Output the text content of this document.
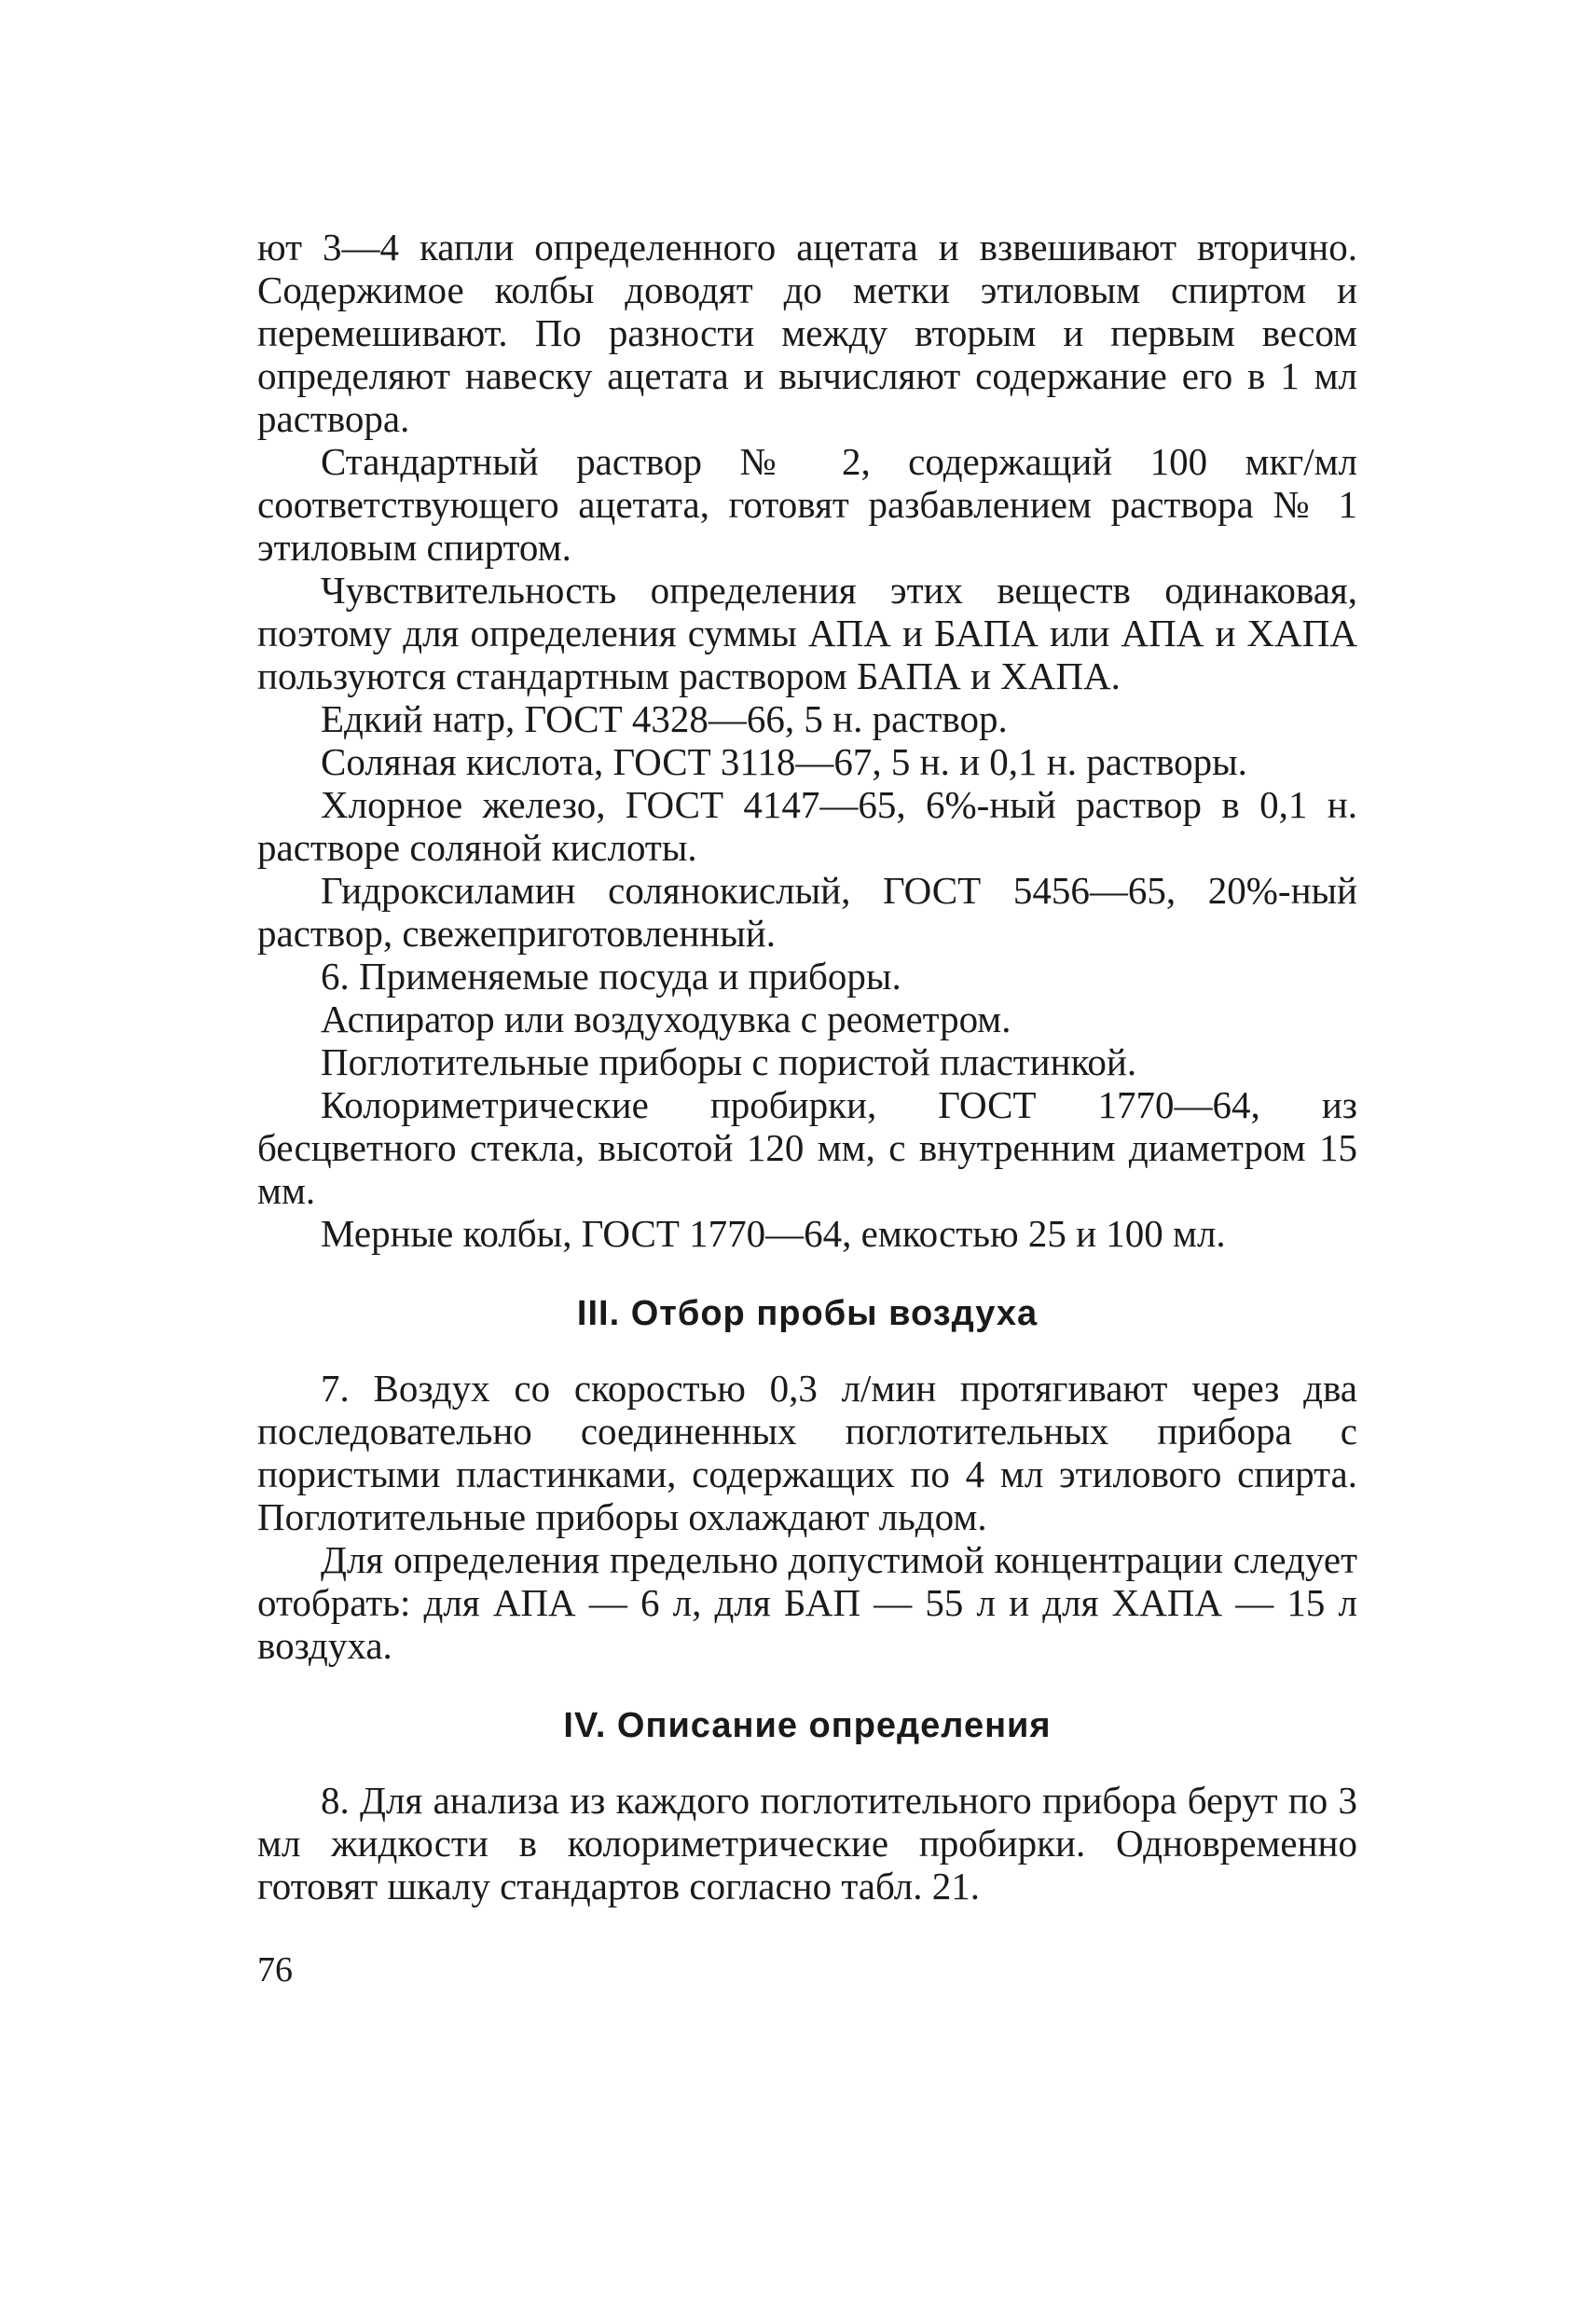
ют 3—4 капли определенного ацетата и взвешивают вторично. Содержимое колбы доводят до метки этиловым спиртом и перемешивают. По разности между вторым и первым весом определяют навеску ацетата и вычисляют содержание его в 1 мл раствора.

Стандартный раствор № 2, содержащий 100 мкг/мл соответствующего ацетата, готовят разбавлением раствора № 1 этиловым спиртом.

Чувствительность определения этих веществ одинаковая, поэтому для определения суммы АПА и БАПА или АПА и ХАПА пользуются стандартным раствором БАПА и ХАПА.

Едкий натр, ГОСТ 4328—66, 5 н. раствор.

Соляная кислота, ГОСТ 3118—67, 5 н. и 0,1 н. растворы.

Хлорное железо, ГОСТ 4147—65, 6%-ный раствор в 0,1 н. растворе соляной кислоты.

Гидроксиламин солянокислый, ГОСТ 5456—65, 20%-ный раствор, свежеприготовленный.

6. Применяемые посуда и приборы.

Аспиратор или воздуходувка с реометром.

Поглотительные приборы с пористой пластинкой.

Колориметрические пробирки, ГОСТ 1770—64, из бесцветного стекла, высотой 120 мм, с внутренним диаметром 15 мм.

Мерные колбы, ГОСТ 1770—64, емкостью 25 и 100 мл.

III. Отбор пробы воздуха

7. Воздух со скоростью 0,3 л/мин протягивают через два последовательно соединенных поглотительных прибора с пористыми пластинками, содержащих по 4 мл этилового спирта. Поглотительные приборы охлаждают льдом.

Для определения предельно допустимой концентрации следует отобрать: для АПА — 6 л, для БАП — 55 л и для ХАПА — 15 л воздуха.

IV. Описание определения

8. Для анализа из каждого поглотительного прибора берут по 3 мл жидкости в колориметрические пробирки. Одновременно готовят шкалу стандартов согласно табл. 21.

76
